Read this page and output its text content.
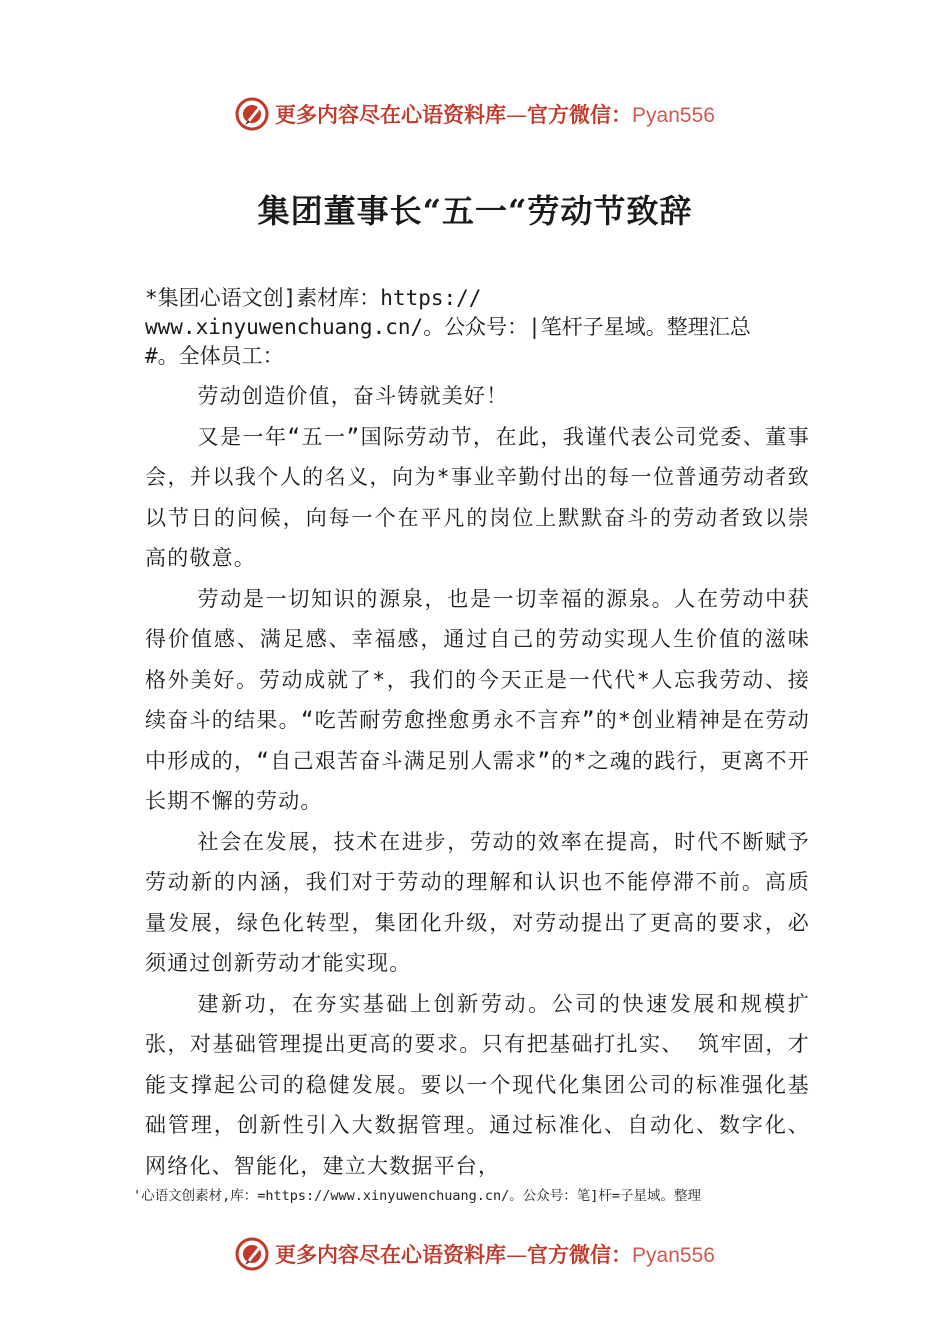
更多内容尽在心语资料库—官方微信：Pyan556
集团董事长“五一“劳动节致辞
*集团心语文创]素材库：https://
www.xinyuwenchuang.cn/。公众号：|笔杆子星域。整理汇总
#。全体员工：

劳动创造价值，奋斗铸就美好！

又是一年“五一”国际劳动节，在此，我谨代表公司党委、董事会，并以我个人的名义，向为*事业辛勤付出的每一位普通劳动者致以节日的问候，向每一个在平凡的岗位上默默奋斗的劳动者致以崇高的敬意。

劳动是一切知识的源泉，也是一切幸福的源泉。人在劳动中获得价值感、满足感、幸福感，通过自己的劳动实现人生价值的滋味格外美好。劳动成就了*，我们的今天正是一代代*人忘我劳动、接续奋斗的结果。“吃苦耐劳愈挫愈勇永不言弃”的*创业精神是在劳动中形成的，“自己艰苦奋斗满足别人需求”的*之魂的践行，更离不开长期不懈的劳动。

社会在发展，技术在进步，劳动的效率在提高，时代不断赋予劳动新的内涵，我们对于劳动的理解和认识也不能停滞不前。高质量发展，绿色化转型，集团化升级，对劳动提出了更高的要求，必须通过创新劳动才能实现。

建新功，在夯实基础上创新劳动。公司的快速发展和规模扩张，对基础管理提出更高的要求。只有把基础打扎实、 筑牢固，才能支撑起公司的稳健发展。要以一个现代化集团公司的标准强化基础管理，创新性引入大数据管理。通过标准化、自动化、数字化、网络化、智能化，建立大数据平台，

'心语文创素材,库：=https://www.xinyuwenchuang.cn/。公众号：笔]杆=子星域。整理
更多内容尽在心语资料库—官方微信：Pyan556
